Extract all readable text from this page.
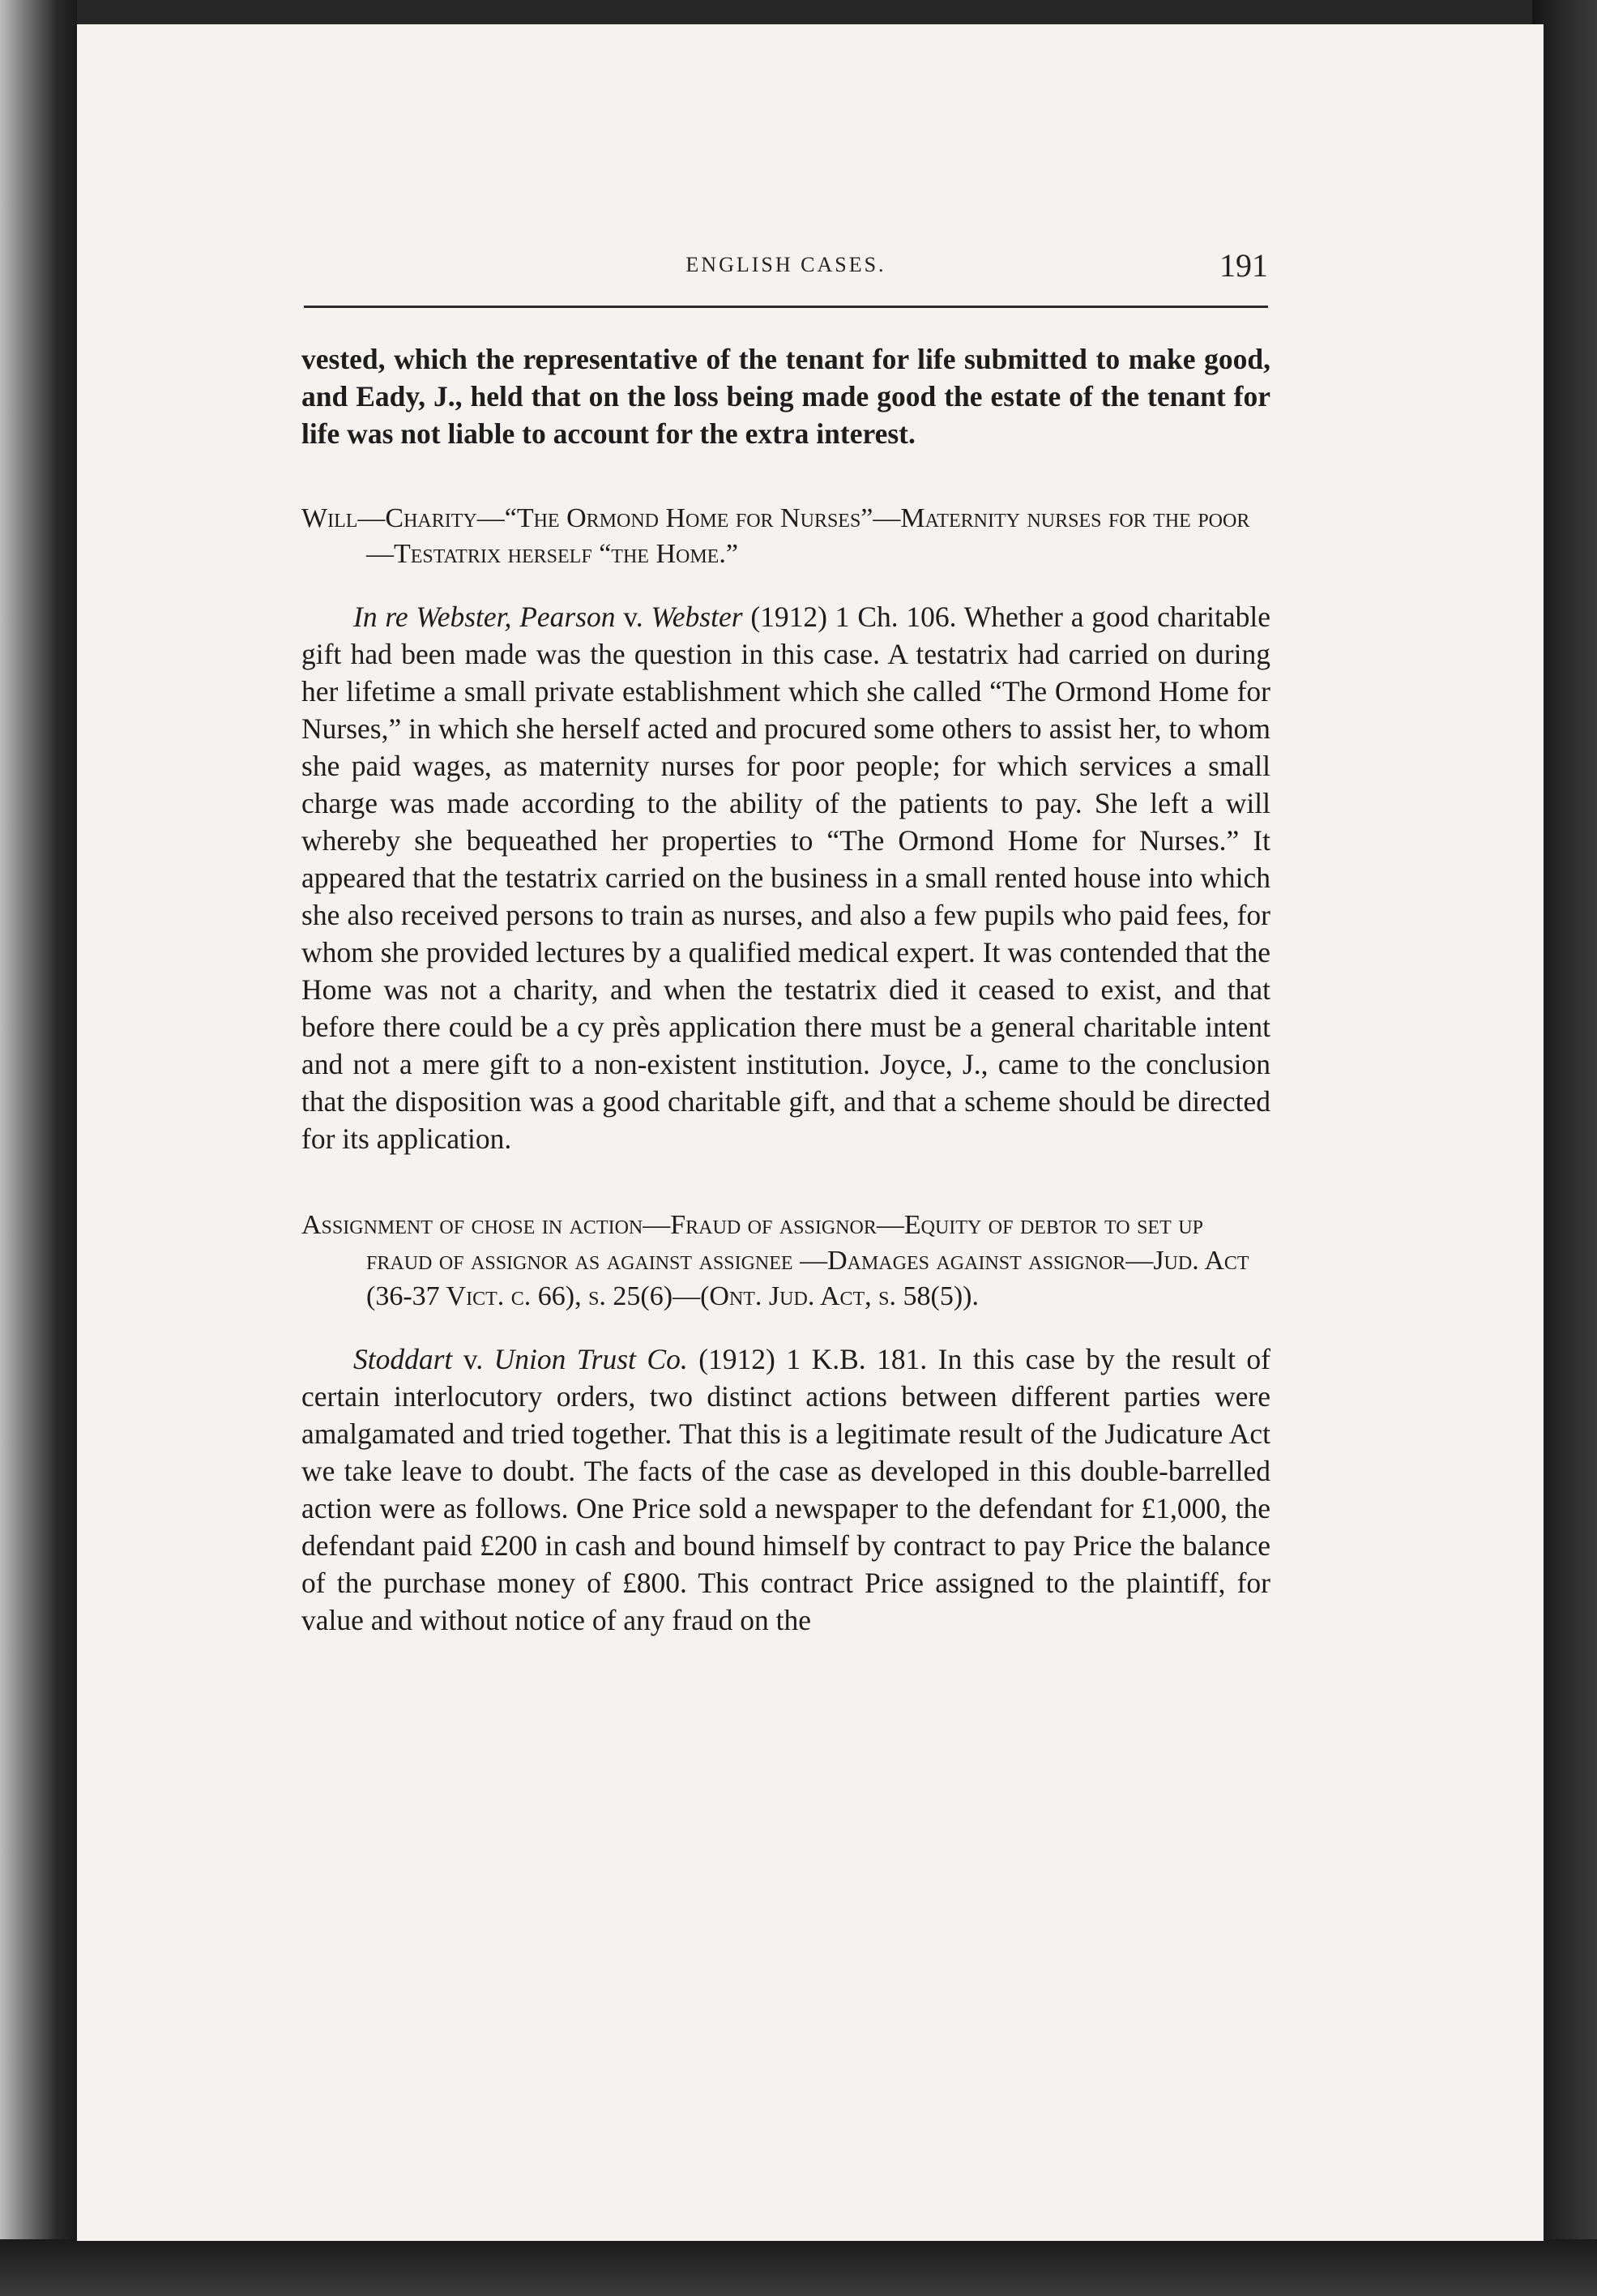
ENGLISH CASES.	191

vested, which the representative of the tenant for life submitted to make good, and Eady, J., held that on the loss being made good the estate of the tenant for life was not liable to account for the extra interest.

Will—Charity—“The Ormond Home for Nurses”—Maternity nurses for the poor—Testatrix herself “the Home.”

In re Webster, Pearson v. Webster (1912) 1 Ch. 106. Whether a good charitable gift had been made was the question in this case. A testatrix had carried on during her lifetime a small private establishment which she called “The Ormond Home for Nurses,” in which she herself acted and procured some others to assist her, to whom she paid wages, as maternity nurses for poor people; for which services a small charge was made according to the ability of the patients to pay. She left a will whereby she bequeathed her properties to “The Ormond Home for Nurses.” It appeared that the testatrix carried on the business in a small rented house into which she also received persons to train as nurses, and also a few pupils who paid fees, for whom she provided lectures by a qualified medical expert. It was contended that the Home was not a charity, and when the testatrix died it ceased to exist, and that before there could be a cy près application there must be a general charitable intent and not a mere gift to a non-existent institution. Joyce, J., came to the conclusion that the disposition was a good charitable gift, and that a scheme should be directed for its application.

Assignment of chose in action—Fraud of assignor—Equity of debtor to set up fraud of assignor as against assignee —Damages against assignor—Jud. Act (36-37 Vict. c. 66), s. 25(6)—(Ont. Jud. Act, s. 58(5)).

Stoddart v. Union Trust Co. (1912) 1 K.B. 181. In this case by the result of certain interlocutory orders, two distinct actions between different parties were amalgamated and tried together. That this is a legitimate result of the Judicature Act we take leave to doubt. The facts of the case as developed in this double-barrelled action were as follows. One Price sold a newspaper to the defendant for £1,000, the defendant paid £200 in cash and bound himself by contract to pay Price the balance of the purchase money of £800. This contract Price assigned to the plaintiff, for value and without notice of any fraud on the
